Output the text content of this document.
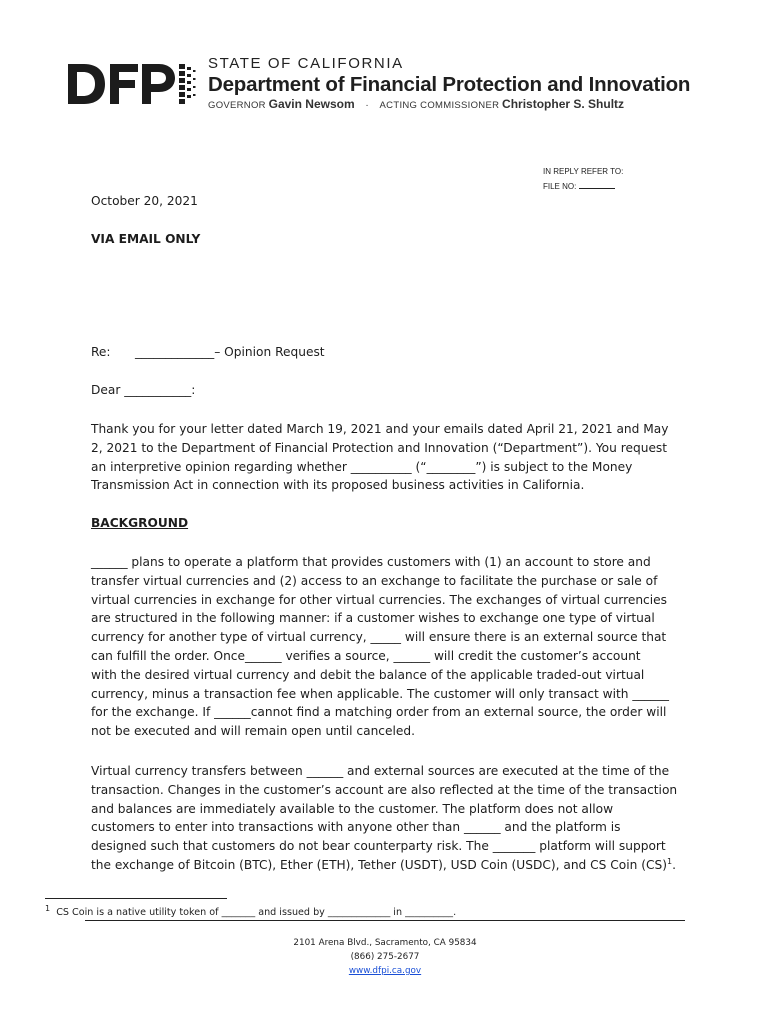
STATE OF CALIFORNIA
Department of Financial Protection and Innovation
GOVERNOR Gavin Newsom · ACTING COMMISSIONER Christopher S. Shultz
IN REPLY REFER TO:
FILE NO:
October 20, 2021
VIA EMAIL ONLY
Re: _____________– Opinion Request
Dear ___________:
Thank you for your letter dated March 19, 2021 and your emails dated April 21, 2021 and May
2, 2021 to the Department of Financial Protection and Innovation (“Department”). You request
an interpretive opinion regarding whether __________ (“________”) is subject to the Money
Transmission Act in connection with its proposed business activities in California.
BACKGROUND
______ plans to operate a platform that provides customers with (1) an account to store and
transfer virtual currencies and (2) access to an exchange to facilitate the purchase or sale of
virtual currencies in exchange for other virtual currencies. The exchanges of virtual currencies
are structured in the following manner: if a customer wishes to exchange one type of virtual
currency for another type of virtual currency, _____ will ensure there is an external source that
can fulfill the order. Once______ verifies a source, ______ will credit the customer’s account
with the desired virtual currency and debit the balance of the applicable traded-out virtual
currency, minus a transaction fee when applicable. The customer will only transact with ______
for the exchange. If ______cannot find a matching order from an external source, the order will
not be executed and will remain open until canceled.
Virtual currency transfers between ______ and external sources are executed at the time of the
transaction. Changes in the customer’s account are also reflected at the time of the transaction
and balances are immediately available to the customer. The platform does not allow
customers to enter into transactions with anyone other than ______ and the platform is
designed such that customers do not bear counterparty risk. The _______ platform will support
the exchange of Bitcoin (BTC), Ether (ETH), Tether (USDT), USD Coin (USDC), and CS Coin (CS)$^1$.
$^1$ CS Coin is a native utility token of _______ and issued by _____________ in __________.
2101 Arena Blvd., Sacramento, CA 95834
(866) 275-2677
www.dfpi.ca.gov
